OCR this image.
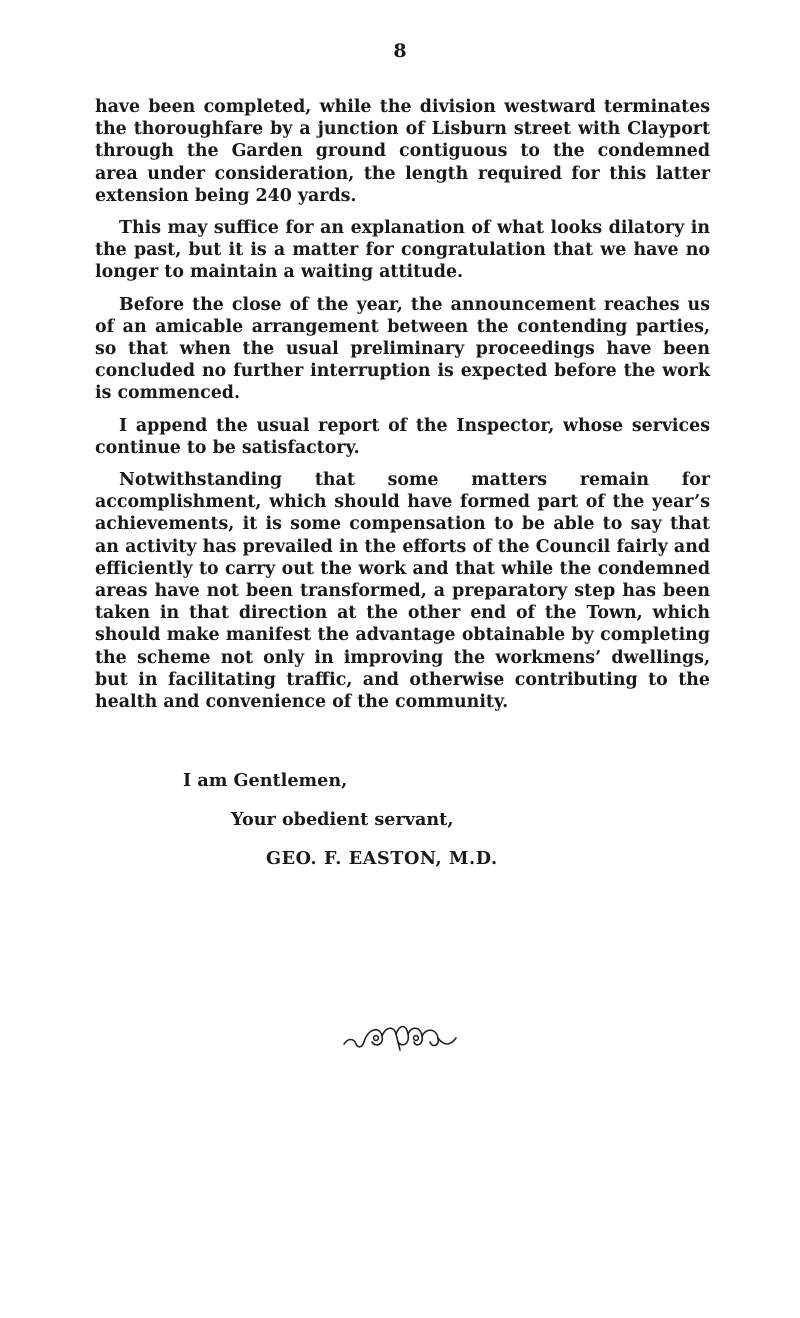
8

have been completed, while the division westward terminates the thoroughfare by a junction of Lisburn street with Clayport through the Garden ground contiguous to the condemned area under consideration, the length required for this latter extension being 240 yards.

This may suffice for an explanation of what looks dilatory in the past, but it is a matter for congratulation that we have no longer to maintain a waiting attitude.

Before the close of the year, the announcement reaches us of an amicable arrangement between the contending parties, so that when the usual preliminary proceedings have been concluded no further interruption is expected before the work is commenced.

I append the usual report of the Inspector, whose services continue to be satisfactory.

Notwithstanding that some matters remain for accomplishment, which should have formed part of the year’s achievements, it is some compensation to be able to say that an activity has prevailed in the efforts of the Council fairly and efficiently to carry out the work and that while the condemned areas have not been transformed, a preparatory step has been taken in that direction at the other end of the Town, which should make manifest the advantage obtainable by completing the scheme not only in improving the workmens’ dwellings, but in facilitating traffic, and otherwise contributing to the health and convenience of the community.

I am Gentlemen,
Your obedient servant,
GEO. F. EASTON, M.D.
